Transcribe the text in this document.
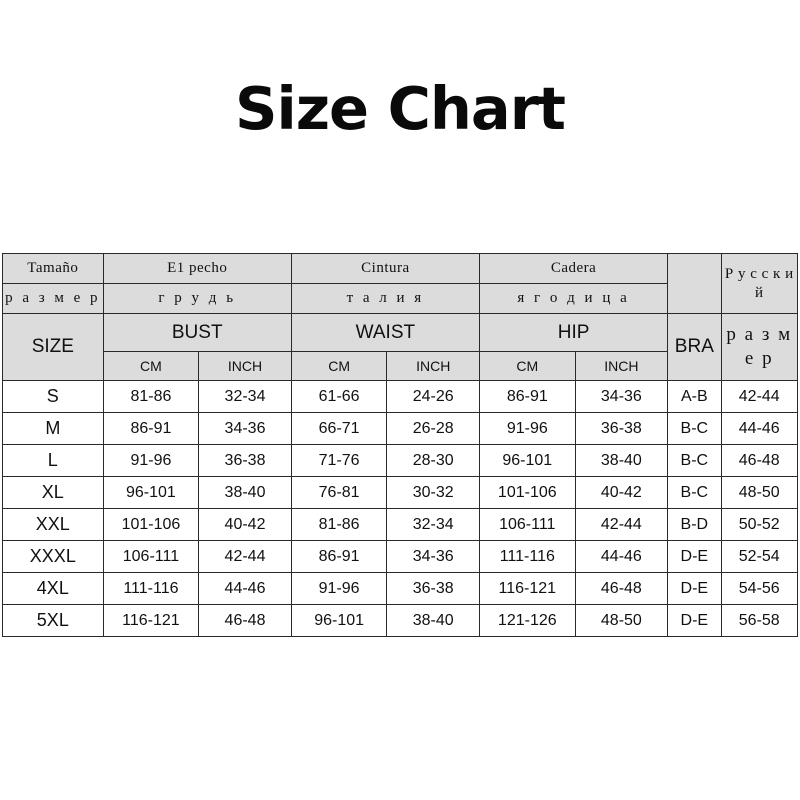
Size Chart
Tamaño	E1 pecho		Cintura		Cadera			Р у с с к и й
р а з м е р	г р у д ь		т а л и я		я г о д и ц а			
SIZE	BUST		WAIST		HIP		BRA	р а з м е р
	CM	INCH	CM	INCH	CM	INCH		
S	81-86	32-34	61-66	24-26	86-91	34-36	A-B	42-44
M	86-91	34-36	66-71	26-28	91-96	36-38	B-C	44-46
L	91-96	36-38	71-76	28-30	96-101	38-40	B-C	46-48
XL	96-101	38-40	76-81	30-32	101-106	40-42	B-C	48-50
XXL	101-106	40-42	81-86	32-34	106-111	42-44	B-D	50-52
XXXL	106-111	42-44	86-91	34-36	111-116	44-46	D-E	52-54
4XL	111-116	44-46	91-96	36-38	116-121	46-48	D-E	54-56
5XL	116-121	46-48	96-101	38-40	121-126	48-50	D-E	56-58
